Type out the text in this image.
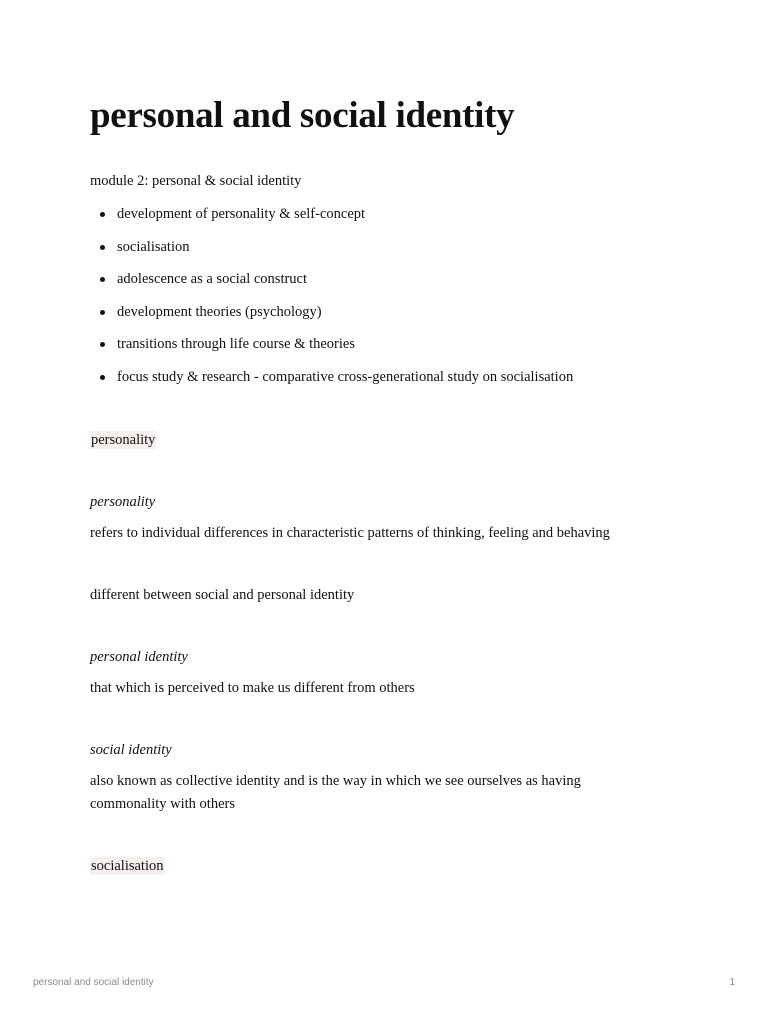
personal and social identity

module 2: personal & social identity

development of personality & self-concept
socialisation
adolescence as a social construct
development theories (psychology)
transitions through life course & theories
focus study & research - comparative cross-generational study on socialisation

personality

personality

refers to individual differences in characteristic patterns of thinking, feeling and behaving

different between social and personal identity

personal identity

that which is perceived to make us different from others

social identity

also known as collective identity and is the way in which we see ourselves as having commonality with others

socialisation

personal and social identity	1
